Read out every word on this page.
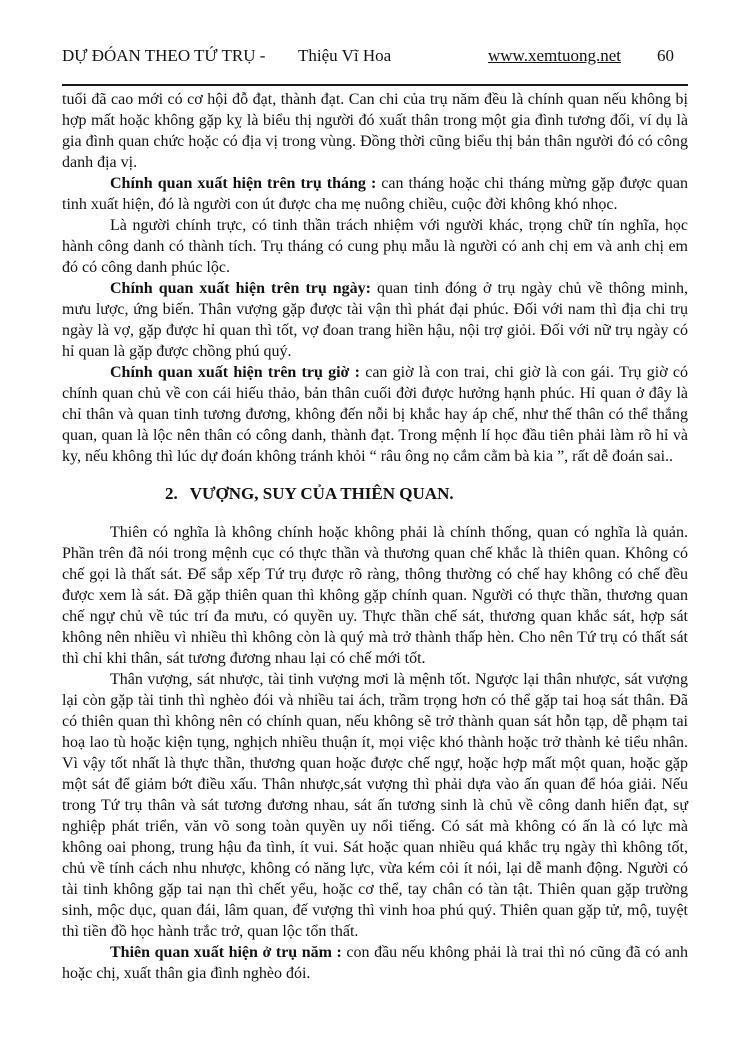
DỰ ĐÓAN THEO TỨ TRỤ - Thiệu Vĩ Hoa	www.xemtuong.net 60

tuổi đã cao mới có cơ hội đỗ đạt, thành đạt. Can chi của trụ năm đều là chính quan nếu không bị hợp mất hoặc không gặp kỵ là biểu thị người đó xuất thân trong một gia đình tương đối, ví dụ là gia đình quan chức hoặc có địa vị trong vùng. Đồng thời cũng biểu thị bản thân người đó có công danh địa vị.

Chính quan xuất hiện trên trụ tháng : can tháng hoặc chi tháng mừng gặp được quan tinh xuất hiện, đó là người con út được cha mẹ nuông chiều, cuộc đời không khó nhọc.

Là người chính trực, có tinh thần trách nhiệm với người khác, trọng chữ tín nghĩa, học hành công danh có thành tích. Trụ tháng có cung phụ mẫu là người có anh chị em và anh chị em đó có công danh phúc lộc.

Chính quan xuất hiện trên trụ ngày: quan tinh đóng ở trụ ngày chủ về thông minh, mưu lược, ứng biến. Thân vượng gặp được tài vận thì phát đại phúc. Đối với nam thì địa chi trụ ngày là vợ, gặp được hỉ quan thì tốt, vợ đoan trang hiền hậu, nội trợ giỏi. Đối với nữ trụ ngày có hỉ quan là gặp được chồng phú quý.

Chính quan xuất hiện trên trụ giờ : can giờ là con trai, chi giờ là con gái. Trụ giờ có chính quan chủ về con cái hiếu thảo, bản thân cuối đời được hưởng hạnh phúc. Hỉ quan ở đây là chỉ thân và quan tinh tương đương, không đến nỗi bị khắc hay áp chế, như thế thân có thể thắng quan, quan là lộc nên thân có công danh, thành đạt. Trong mệnh lí học đầu tiên phải làm rõ hỉ và ky, nếu không thì lúc dự đoán không tránh khỏi “ râu ông nọ cắm cằm bà kia ”, rất dễ đoán sai..

2. VƯỢNG, SUY CỦA THIÊN QUAN.

Thiên có nghĩa là không chính hoặc không phải là chính thống, quan có nghĩa là quản. Phần trên đã nói trong mệnh cục có thực thần và thương quan chế khắc là thiên quan. Không có chế gọi là thất sát. Để sắp xếp Tứ trụ được rõ ràng, thông thường có chế hay không có chế đều được xem là sát. Đã gặp thiên quan thì không gặp chính quan. Người có thực thần, thương quan chế ngự chủ về túc trí đa mưu, có quyền uy. Thực thần chế sát, thương quan khắc sát, hợp sát không nên nhiều vì nhiều thì không còn là quý mà trở thành thấp hèn. Cho nên Tứ trụ có thất sát thì chỉ khi thân, sát tương đương nhau lại có chế mới tốt.

Thân vượng, sát nhược, tài tinh vượng mơi là mệnh tốt. Ngược lại thân nhược, sát vượng lại còn gặp tài tinh thì nghèo đói và nhiều tai ách, trầm trọng hơn có thể gặp tai hoạ sát thân. Đã có thiên quan thì không nên có chính quan, nếu không sẽ trở thành quan sát hỗn tạp, dễ phạm tai hoạ lao tù hoặc kiện tụng, nghịch nhiều thuận ít, mọi việc khó thành hoặc trở thành kẻ tiểu nhân. Vì vậy tốt nhất là thực thần, thương quan hoặc được chế ngự, hoặc hợp mất một quan, hoặc gặp một sát để giảm bớt điều xấu. Thân nhược,sát vượng thì phải dựa vào ấn quan để hóa giải. Nếu trong Tứ trụ thân và sát tương đương nhau, sát ấn tương sinh là chủ về công danh hiển đạt, sự nghiệp phát triển, văn võ song toàn quyền uy nổi tiếng. Có sát mà không có ấn là có lực mà không oai phong, trung hậu đa tình, ít vui. Sát hoặc quan nhiều quá khắc trụ ngày thì không tốt, chủ về tính cách nhu nhược, không có năng lực, vừa kém cỏi ít nói, lại dễ manh động. Người có tài tinh không gặp tai nạn thì chết yểu, hoặc cơ thể, tay chân có tàn tật. Thiên quan gặp trường sinh, mộc dục, quan đái, lâm quan, đế vượng thì vinh hoa phú quý. Thiên quan gặp tử, mộ, tuyệt thì tiền đồ học hành trắc trở, quan lộc tổn thất.

Thiên quan xuất hiện ở trụ năm : con đầu nếu không phải là trai thì nó cũng đã có anh hoặc chị, xuất thân gia đình nghèo đói.
